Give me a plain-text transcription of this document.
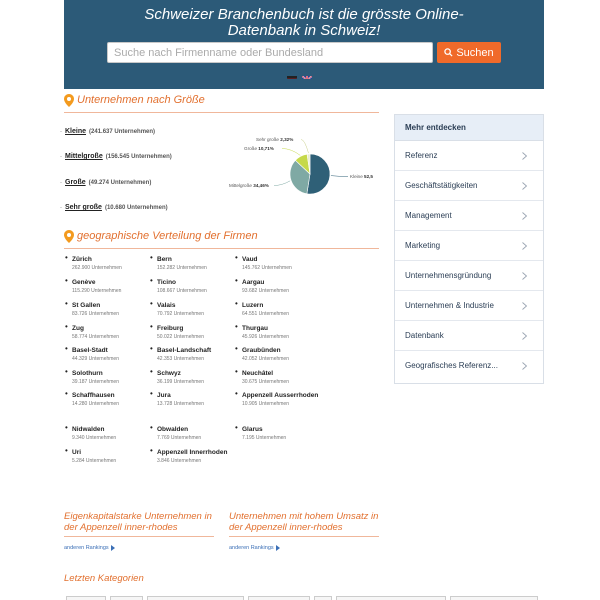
Schweizer Branchenbuch ist die grösste Online-
Datenbank in Schweiz!
Suche nach Firmenname oder Bundesland
Suchen
Unternehmen nach Größe
· Kleine (241.637 Unternehmen)
· Mittelgroße (156.545 Unternehmen)
· Große (49.274 Unternehmen)
· Sehr große (10.680 Unternehmen)
Kleine 52,5
Mittelgroße 34,46%
Große 10,71%
Sehr große 2,32%
geographische Verteilung der Firmen
• Zürich
262.900 Unternehmen
• Bern
152.282 Unternehmen
• Vaud
145.762 Unternehmen
• Genève
115.290 Unternehmen
• Ticino
108.667 Unternehmen
• Aargau
93.682 Unternehmen
• St Gallen
83.726 Unternehmen
• Valais
70.792 Unternehmen
• Luzern
64.551 Unternehmen
• Zug
58.774 Unternehmen
• Freiburg
50.022 Unternehmen
• Thurgau
45.926 Unternehmen
• Basel-Stadt
44.329 Unternehmen
• Basel-Landschaft
42.353 Unternehmen
• Graubünden
42.052 Unternehmen
• Solothurn
39.187 Unternehmen
• Schwyz
36.199 Unternehmen
• Neuchâtel
30.675 Unternehmen
• Schaffhausen
14.280 Unternehmen
• Jura
13.728 Unternehmen
• Appenzell Ausserrhoden
10.905 Unternehmen
• Nidwalden
9.340 Unternehmen
• Obwalden
7.769 Unternehmen
• Glarus
7.195 Unternehmen
• Uri
5.284 Unternehmen
• Appenzell Innerrhoden
3.846 Unternehmen
Eigenkapitalstarke Unternehmen in der Appenzell inner-rhodes
anderen Rankings
Unternehmen mit hohem Umsatz in der Appenzell inner-rhodes
anderen Rankings
Letzten Kategorien
Mehr entdecken
Referenz
Geschäftstätigkeiten
Management
Marketing
Unternehmensgründung
Unternehmen & Industrie
Datenbank
Geografisches Referenz...
